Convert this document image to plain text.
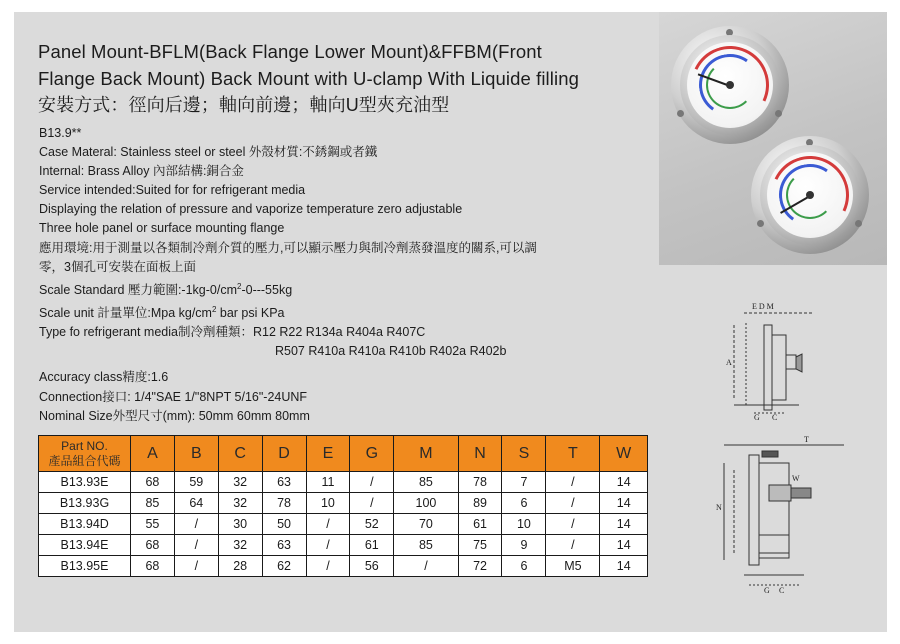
Panel Mount-BFLM(Back Flange Lower Mount)&FFBM(Front
Flange Back Mount) Back Mount with U-clamp With Liquide filling
安裝方式：徑向后邊；軸向前邊；軸向U型夾充油型
B13.9**
Case Materal: Stainless steel or steel 外殼材質:不銹鋼或者鐵
Internal: Brass Alloy 內部結構:銅合金
Service intended:Suited for for refrigerant media
Displaying the relation of pressure and vaporize temperature zero adjustable
Three hole panel or surface mounting flange
應用環境:用于測量以各類制冷劑介質的壓力,可以顯示壓力與制冷劑蒸發溫度的關系,可以調
零，3個孔可安裝在面板上面
Scale Standard 壓力範圍$:-1kg-0/cm^2-0---55kg$
Scale unit 計量單位:Mpa $kg/cm^2$ bar psi KPa
Type fo refrigerant media制冷劑種類：R12 R22 R134a R404a R407C
R507 R410a R410a R410b R402a R402b
Accuracy class精度:1.6
Connection接口: 1/4"SAE 1/"8NPT 5/16"-24UNF
Nominal Size外型尺寸(mm): 50mm 60mm 80mm
E D M
A
G C
T
W
N
G C
Part NO.
產品組合代碼	A	B	C	D	E	G	M	N	S	T	W
B13.93E	68	59	32	63	11	/	85	78	7	/	14
B13.93G	85	64	32	78	10	/	100	89	6	/	14
B13.94D	55	/	30	50	/	52	70	61	10	/	14
B13.94E	68	/	32	63	/	61	85	75	9	/	14
B13.95E	68	/	28	62	/	56	/	72	6	M5	14
